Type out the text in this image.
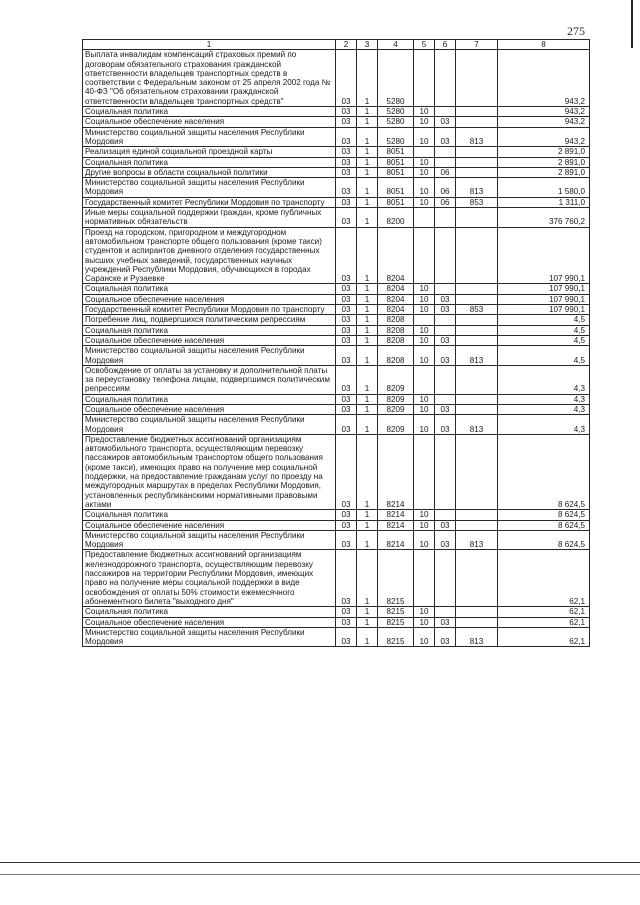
275
1	2	3	4	5	6	7	8
Выплата инвалидам компенсаций страховых премий по договорам обязательного страхования гражданской ответственности владельцев транспортных средств в соответствии с Федеральным законом от 25 апреля 2002 года № 40-ФЗ "Об обязательном страховании гражданской ответственности владельцев транспортных средств"	03	1	5280				943,2
Социальная политика	03	1	5280	10			943,2
Социальное обеспечение населения	03	1	5280	10	03		943,2
Министерство социальной защиты населения Республики Мордовия	03	1	5280	10	03	813	943,2
Реализация единой социальной проездной карты	03	1	8051				2 891,0
Социальная политика	03	1	8051	10			2 891,0
Другие вопросы в области социальной политики	03	1	8051	10	06		2 891,0
Министерство социальной защиты населения Республики Мордовия	03	1	8051	10	06	813	1 580,0
Государственный комитет Республики Мордовия по транспорту	03	1	8051	10	06	853	1 311,0
Иные меры социальной поддержки граждан, кроме публичных нормативных обязательств	03	1	8200				376 760,2
Проезд на городском, пригородном и междугородном автомобильном транспорте общего пользования (кроме такси) студентов и аспирантов дневного отделения государственных высших учебных заведений, государственных научных учреждений Республики Мордовия, обучающихся в городах Саранске и Рузаевке	03	1	8204				107 990,1
Социальная политика	03	1	8204	10			107 990,1
Социальное обеспечение населения	03	1	8204	10	03		107 990,1
Государственный комитет Республики Мордовия по транспорту	03	1	8204	10	03	853	107 990,1
Погребение лиц, подвергшихся политическим репрессиям	03	1	8208				4,5
Социальная политика	03	1	8208	10			4,5
Социальное обеспечение населения	03	1	8208	10	03		4,5
Министерство социальной защиты населения Республики Мордовия	03	1	8208	10	03	813	4,5
Освобождение от оплаты за установку и дополнительной платы за переустановку телефона лицам, подвергшимся политическим репрессиям	03	1	8209				4,3
Социальная политика	03	1	8209	10			4,3
Социальное обеспечение населения	03	1	8209	10	03		4,3
Министерство социальной защиты населения Республики Мордовия	03	1	8209	10	03	813	4,3
Предоставление бюджетных ассигнований организациям автомобильного транспорта, осуществляющим перевозку пассажиров автомобильным транспортом общего пользования (кроме такси), имеющих право на получение мер социальной поддержки, на предоставление гражданам услуг по проезду на междугородных маршрутах в пределах Республики Мордовия, установленных республиканскими нормативными правовыми актами	03	1	8214				8 624,5
Социальная политика	03	1	8214	10			8 624,5
Социальное обеспечение населения	03	1	8214	10	03		8 624,5
Министерство социальной защиты населения Республики Мордовия	03	1	8214	10	03	813	8 624,5
Предоставление бюджетных ассигнований организациям железнодорожного транспорта, осуществляющим перевозку пассажиров на территории Республики Мордовия, имеющих право на получение меры социальной поддержки в виде освобождения от оплаты 50% стоимости ежемесячного абонементного билета "выходного дня"	03	1	8215				62,1
Социальная политика	03	1	8215	10			62,1
Социальное обеспечение населения	03	1	8215	10	03		62,1
Министерство социальной защиты населения Республики Мордовия	03	1	8215	10	03	813	62,1
